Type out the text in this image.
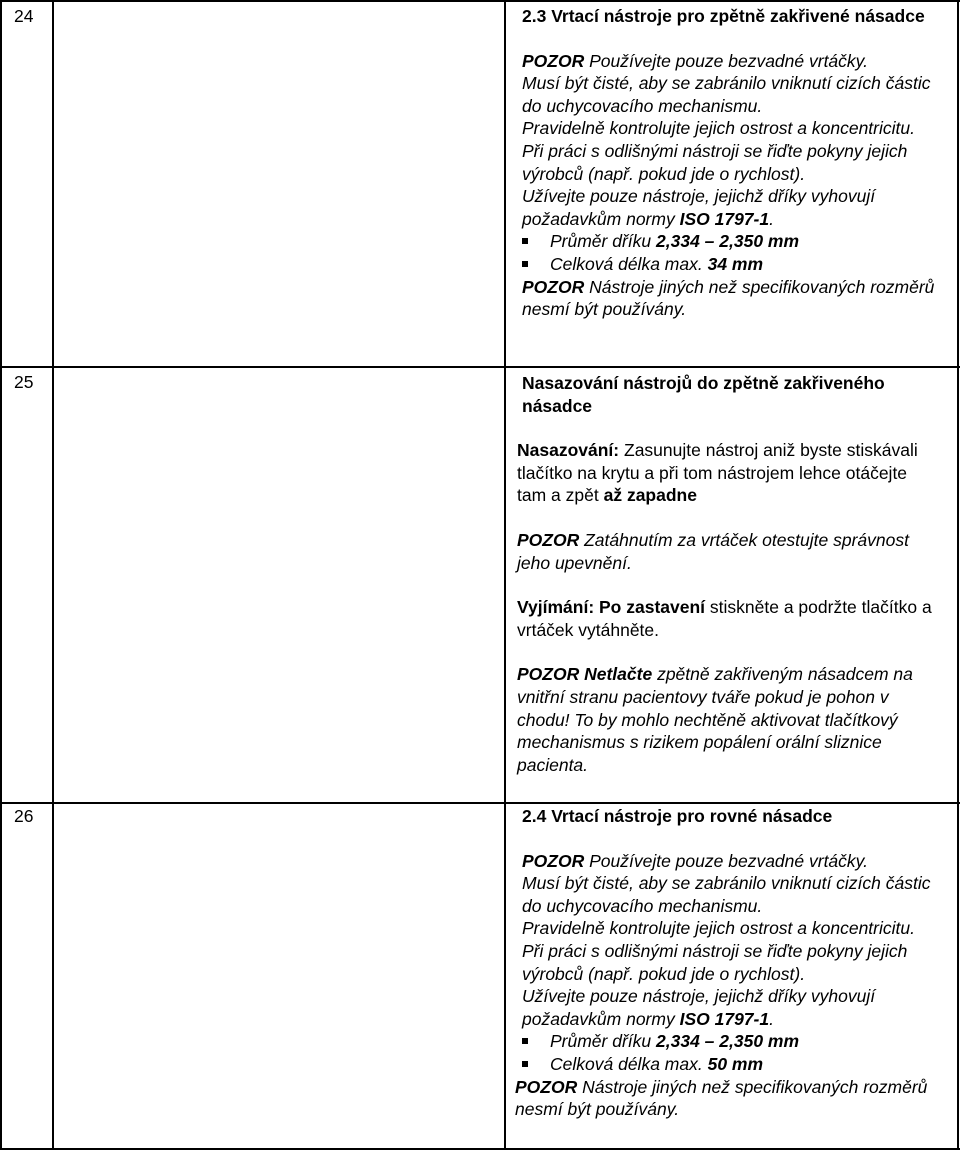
24
25
26

2.3 Vrtací nástroje pro zpětně zakřivené násadce

POZOR Používejte pouze bezvadné vrtáčky.

Musí být čisté, aby se zabránilo vniknutí cizích částic do uchycovacího mechanismu.

Pravidelně kontrolujte jejich ostrost a koncentricitu.

Při práci s odlišnými nástroji se řiďte pokyny jejich výrobců (např. pokud jde o rychlost).

Užívejte pouze nástroje, jejichž dříky vyhovují požadavkům normy ISO 1797-1.

Průměr dříku 2,334 – 2,350 mm

Celková délka max. 34 mm

POZOR Nástroje jiných než specifikovaných rozměrů nesmí být používány.

Nasazování nástrojů do zpětně zakřiveného násadce

Nasazování: Zasunujte nástroj aniž byste stiskávali tlačítko na krytu a při tom nástrojem lehce otáčejte tam a zpět až zapadne

POZOR Zatáhnutím za vrtáček otestujte správnost jeho upevnění.

Vyjímání: Po zastavení stiskněte a podržte tlačítko a vrtáček vytáhněte.

POZOR Netlačte zpětně zakřiveným násadcem na vnitřní stranu pacientovy tváře pokud je pohon v chodu! To by mohlo nechtěně aktivovat tlačítkový mechanismus s rizikem popálení orální sliznice pacienta.

2.4 Vrtací nástroje pro rovné násadce

POZOR Používejte pouze bezvadné vrtáčky.

Musí být čisté, aby se zabránilo vniknutí cizích částic do uchycovacího mechanismu.

Pravidelně kontrolujte jejich ostrost a koncentricitu.

Při práci s odlišnými nástroji se řiďte pokyny jejich výrobců (např. pokud jde o rychlost).

Užívejte pouze nástroje, jejichž dříky vyhovují požadavkům normy ISO 1797-1.

Průměr dříku 2,334 – 2,350 mm

Celková délka max. 50 mm

POZOR Nástroje jiných než specifikovaných rozměrů nesmí být používány.
